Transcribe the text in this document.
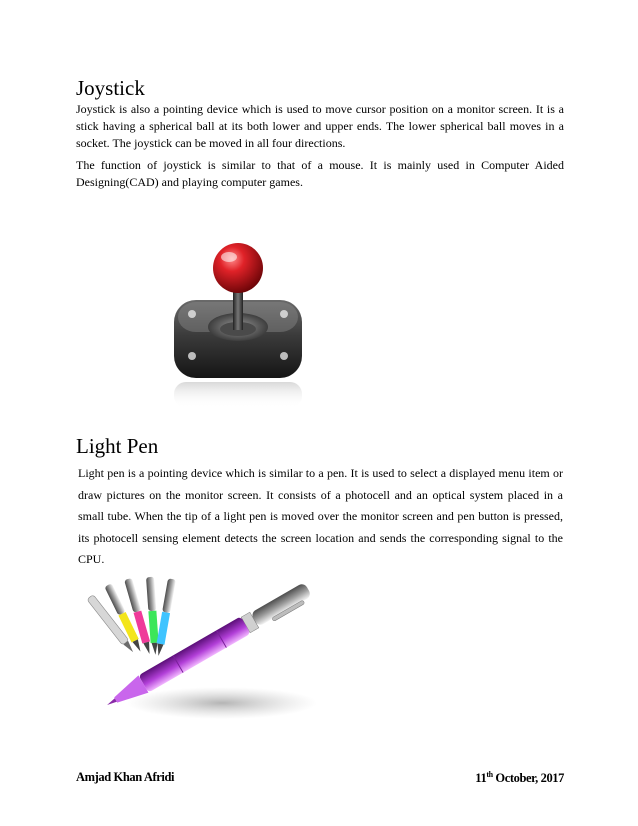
Joystick

Joystick is also a pointing device which is used to move cursor position on a monitor screen. It is a stick having a spherical ball at its both lower and upper ends. The lower spherical ball moves in a socket. The joystick can be moved in all four directions.

The function of joystick is similar to that of a mouse. It is mainly used in Computer Aided Designing(CAD) and playing computer games.

Light Pen

Light pen is a pointing device which is similar to a pen. It is used to select a displayed menu item or draw pictures on the monitor screen. It consists of a photocell and an optical system placed in a small tube. When the tip of a light pen is moved over the monitor screen and pen button is pressed, its photocell sensing element detects the screen location and sends the corresponding signal to the CPU.

Amjad Khan Afridi	11th October, 2017
